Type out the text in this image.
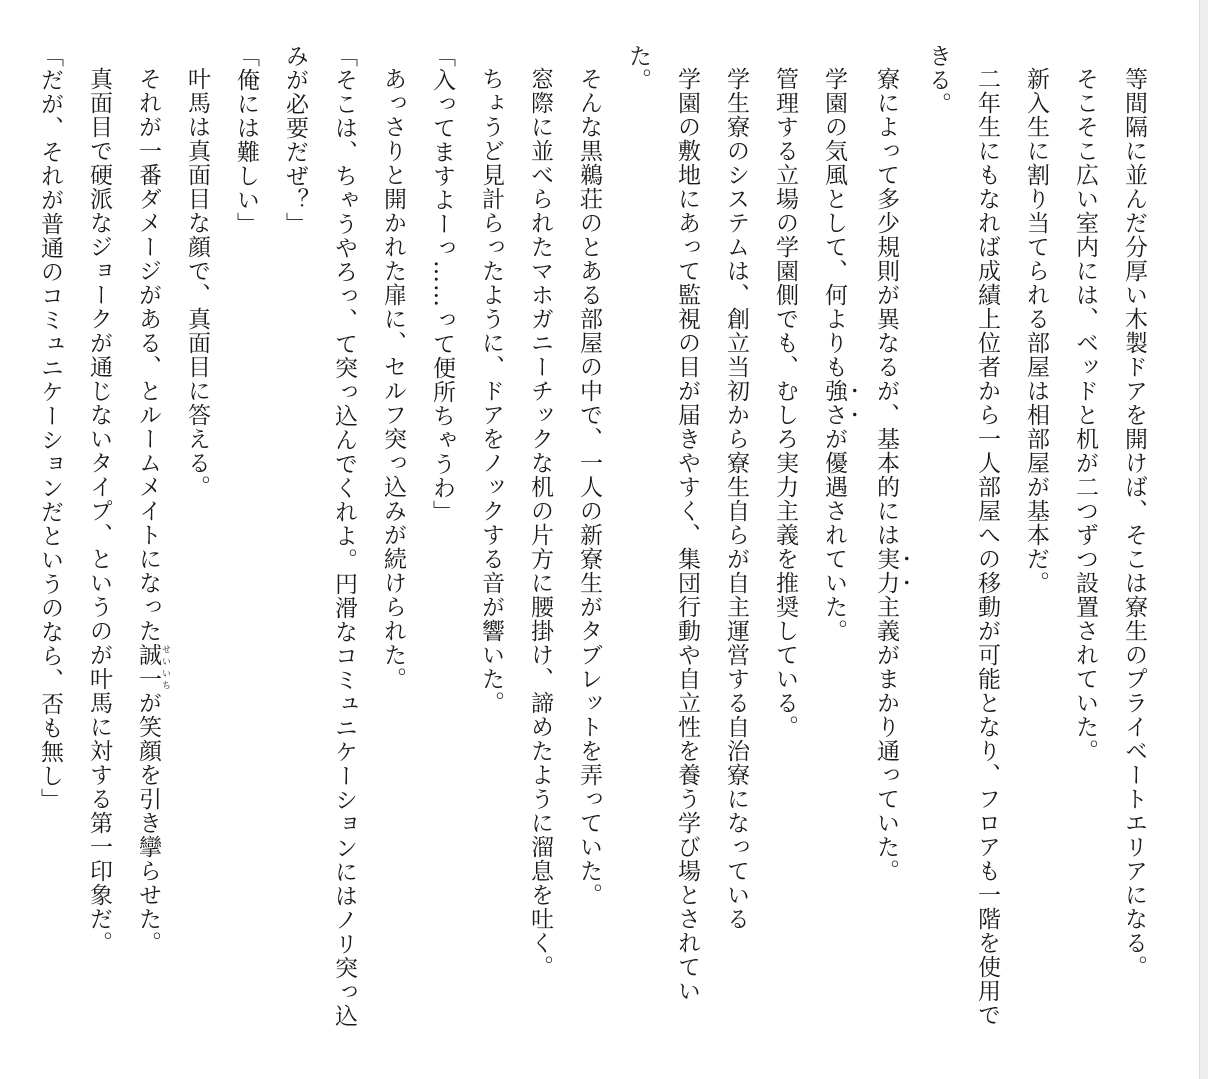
等間隔に並んだ分厚い木製ドアを開けば、そこは寮生のプライベートエリアになる。

そこそこ広い室内には、ベッドと机が二つずつ設置されていた。

新入生に割り当てられる部屋は相部屋が基本だ。

二年生にもなれば成績上位者から一人部屋への移動が可能となり、フロアも一階を使用できる。

寮によって多少規則が異なるが、基本的には実力主義がまかり通っていた。

学園の気風として、何よりも強さが優遇されていた。

管理する立場の学園側でも、むしろ実力主義を推奨している。

学生寮のシステムは、創立当初から寮生自らが自主運営する自治寮になっている

学園の敷地にあって監視の目が届きやすく、集団行動や自立性を養う学び場とされていた。

そんな黒鵜荘のとある部屋の中で、一人の新寮生がタブレットを弄っていた。

窓際に並べられたマホガニーチックな机の片方に腰掛け、諦めたように溜息を吐く。

ちょうど見計らったように、ドアをノックする音が響いた。

「入ってますよーっ……って便所ちゃうわ」

あっさりと開かれた扉に、セルフ突っ込みが続けられた。

「そこは、ちゃうやろっ、て突っ込んでくれよ。円滑なコミュニケーションにはノリ突っ込みが必要だぜ？」

「俺には難しい」

叶馬は真面目な顔で、真面目に答える。

それが一番ダメージがある、とルームメイトになった誠一 せいいちが笑顔を引き攣らせた。

真面目で硬派なジョークが通じないタイプ、というのが叶馬に対する第一印象だ。

「だが、それが普通のコミュニケーションだというのなら、否も無し」
